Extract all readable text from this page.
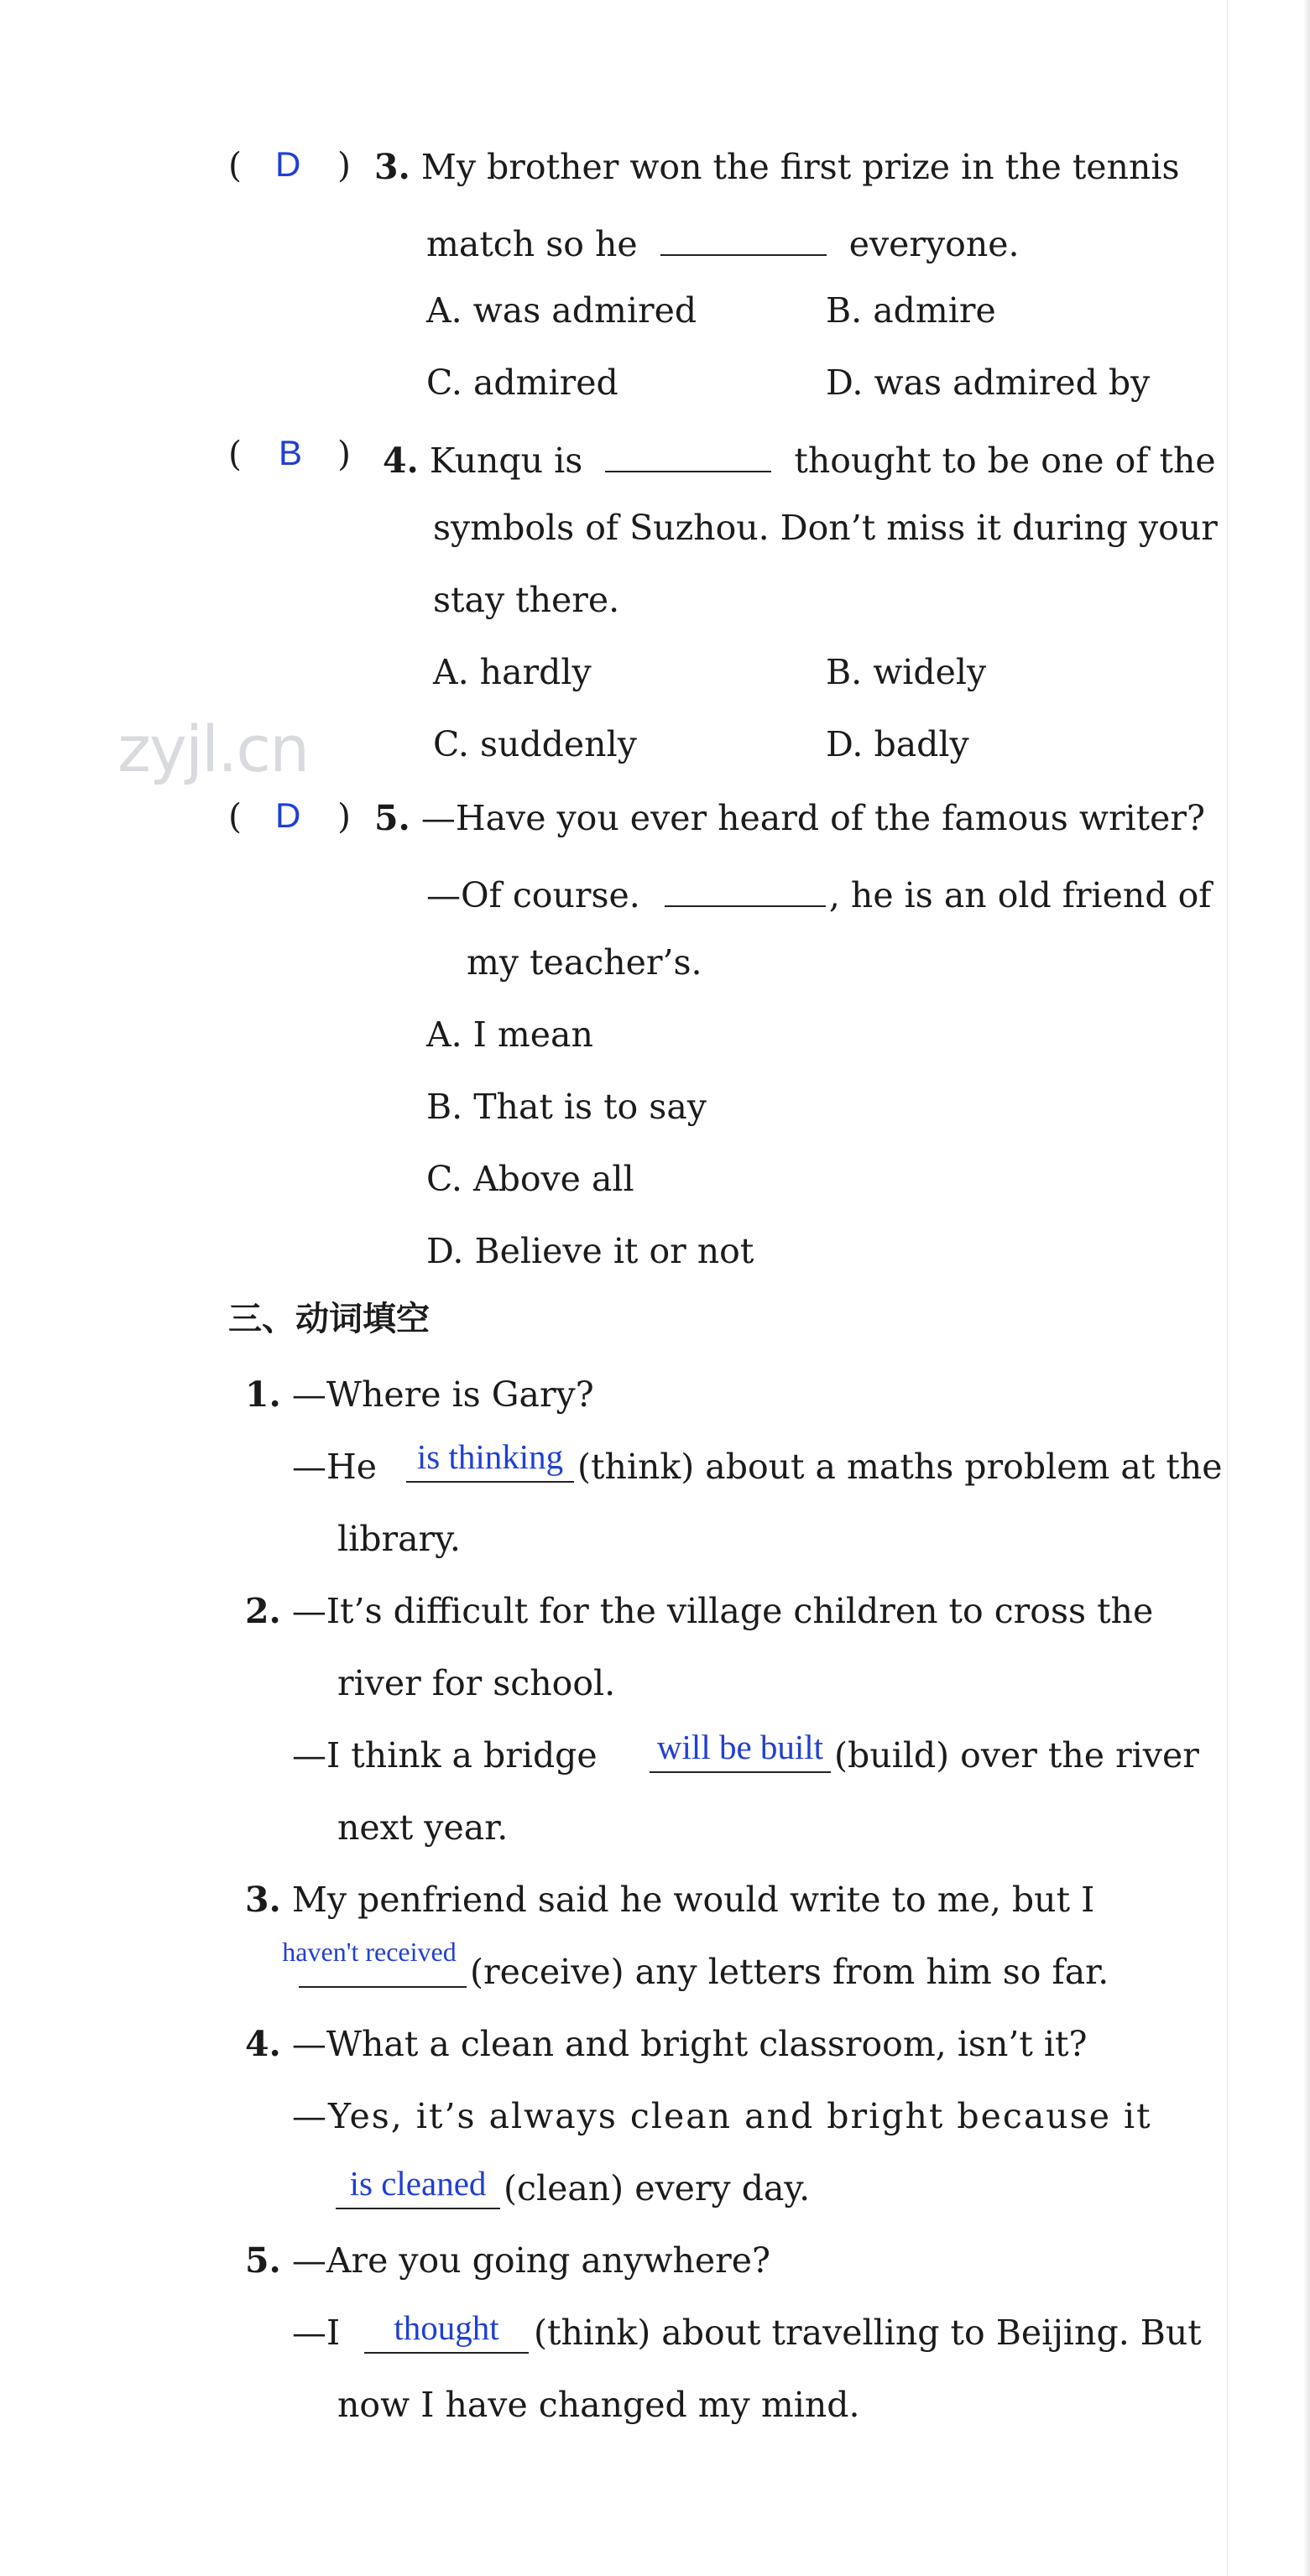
zyjl.cn
( D ) 3. My brother won the first prize in the tennis
match so he	everyone.
A. was admired	B. admire
C. admired	D. was admired by
( B ) 4. Kunqu is	thought to be one of the
symbols of Suzhou. Don’t miss it during your
stay there.
A. hardly	B. widely
C. suddenly	D. badly
( D ) 5. —Have you ever heard of the famous writer?
—Of course.	, he is an old friend of
my teacher’s.
A. I mean
B. That is to say
C. Above all
D. Believe it or not
三、动词填空
1. —Where is Gary?
—He	is thinking (think) about a maths problem at the
library.
2. —It’s difficult for the village children to cross the
river for school.
—I think a bridge will be built (build) over the river
next year.
3. My penfriend said he would write to me, but I
haven't received (receive) any letters from him so far.
4. —What a clean and bright classroom, isn’t it?
—Yes, it’s always clean and bright because it
is cleaned (clean) every day.
5. —Are you going anywhere?
—I	thought	(think) about travelling to Beijing. But
now I have changed my mind.
